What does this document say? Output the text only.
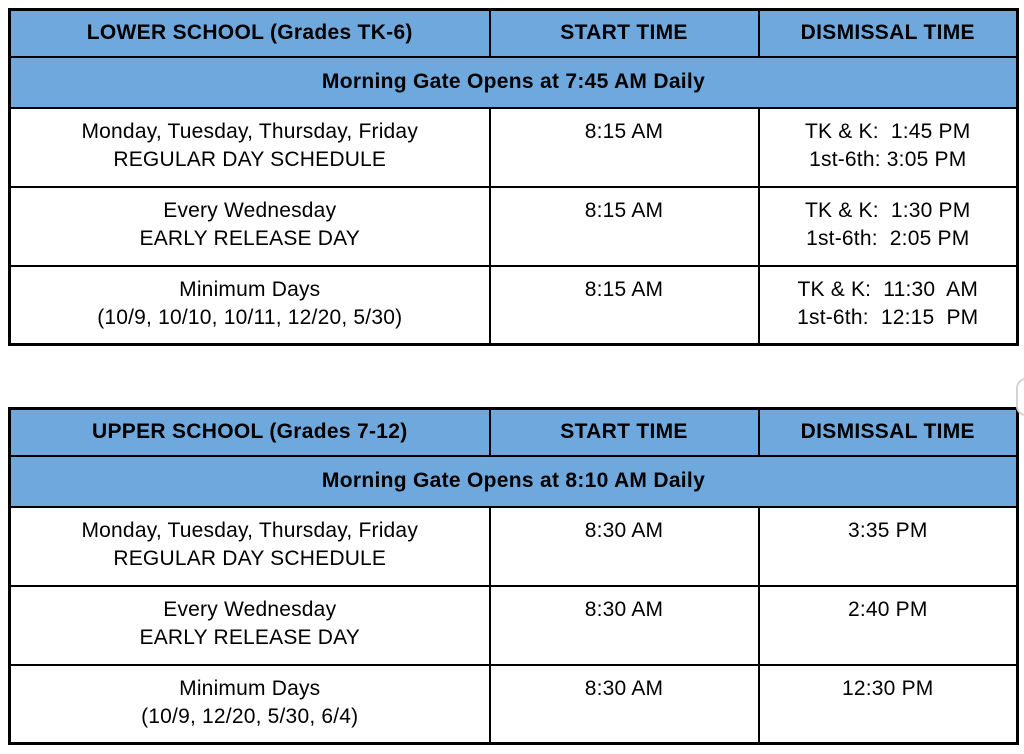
LOWER SCHOOL (Grades TK-6)	START TIME	DISMISSAL TIME
Morning Gate Opens at 7:45 AM Daily		

Monday, Tuesday, Thursday, Friday
REGULAR DAY SCHEDULE	8:15 AM	TK & K:  1:45 PM
1st-6th: 3:05 PM

Every Wednesday
EARLY RELEASE DAY	8:15 AM	TK & K:  1:30 PM
1st-6th:  2:05 PM

Minimum Days
(10/9, 10/10, 10/11, 12/20, 5/30)	8:15 AM	TK & K:  11:30  AM
1st-6th:  12:15  PM
UPPER SCHOOL (Grades 7-12)	START TIME	DISMISSAL TIME
Morning Gate Opens at 8:10 AM Daily		

Monday, Tuesday, Thursday, Friday
REGULAR DAY SCHEDULE	8:30 AM	3:35 PM

Every Wednesday
EARLY RELEASE DAY	8:30 AM	2:40 PM

Minimum Days
(10/9, 12/20, 5/30, 6/4)	8:30 AM	12:30 PM
